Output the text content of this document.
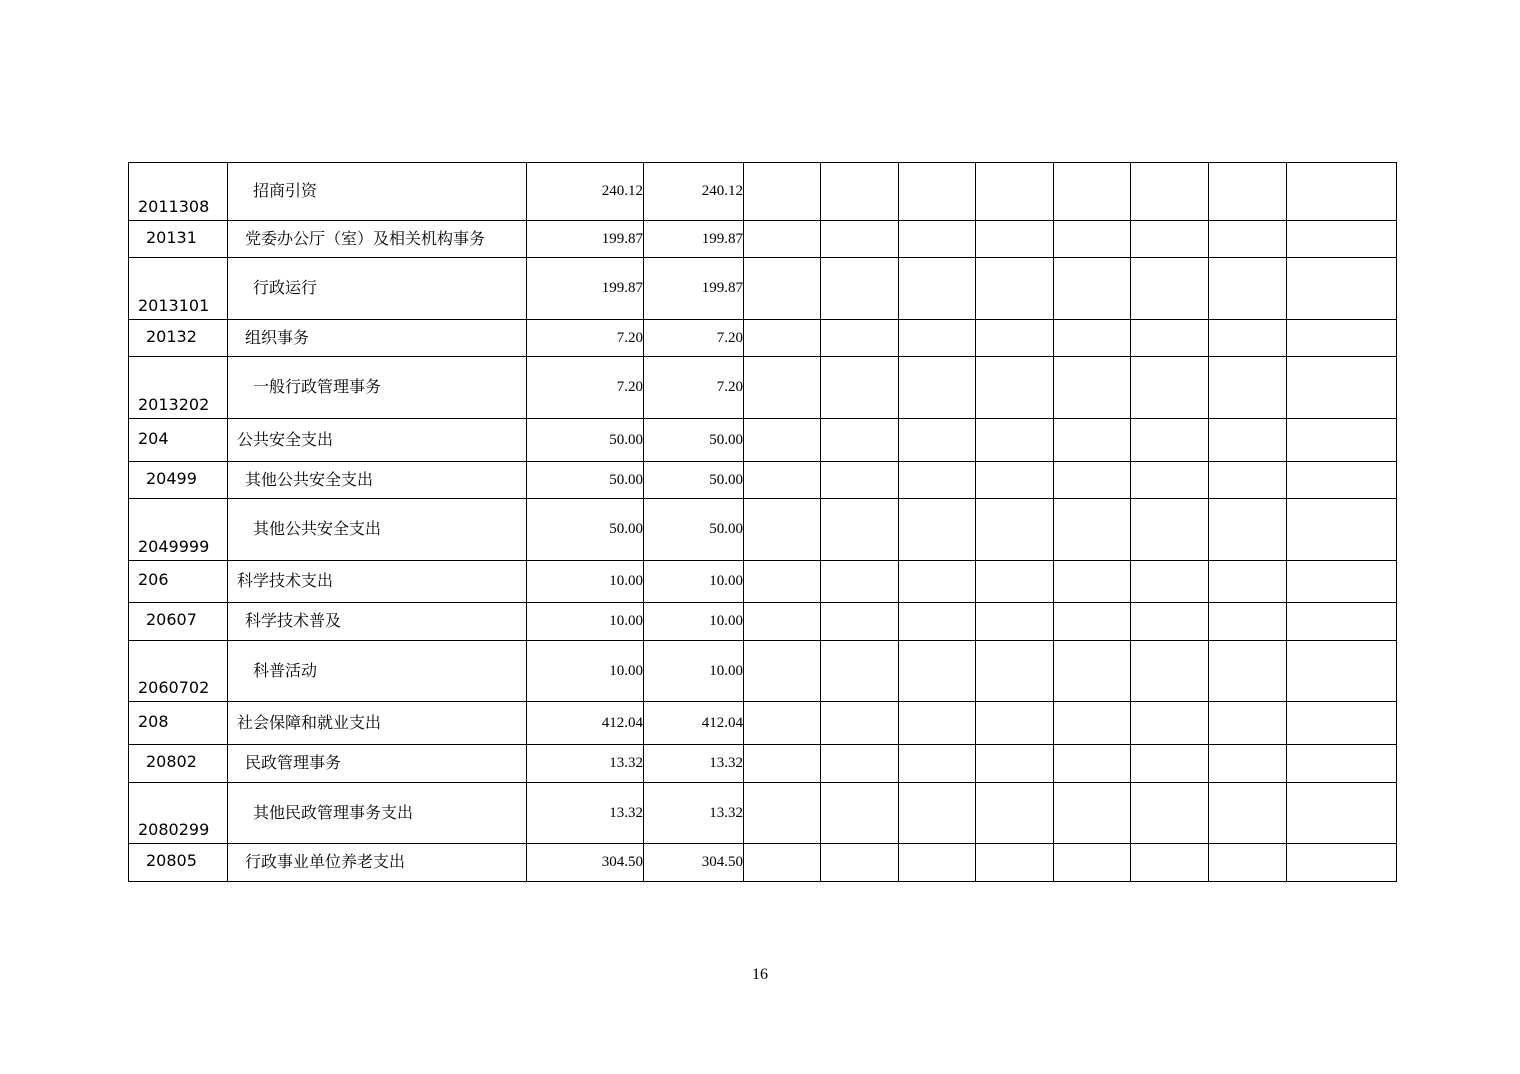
2011308	招商引资	240.12	240.12								
20131	党委办公厅（室）及相关机构事务	199.87	199.87								
2013101	行政运行	199.87	199.87								
20132	组织事务	7.20	7.20								
2013202	一般行政管理事务	7.20	7.20								
204	公共安全支出	50.00	50.00								
20499	其他公共安全支出	50.00	50.00								
2049999	其他公共安全支出	50.00	50.00								
206	科学技术支出	10.00	10.00								
20607	科学技术普及	10.00	10.00								
2060702	科普活动	10.00	10.00								
208	社会保障和就业支出	412.04	412.04								
20802	民政管理事务	13.32	13.32								
2080299	其他民政管理事务支出	13.32	13.32								
20805	行政事业单位养老支出	304.50	304.50								
16
